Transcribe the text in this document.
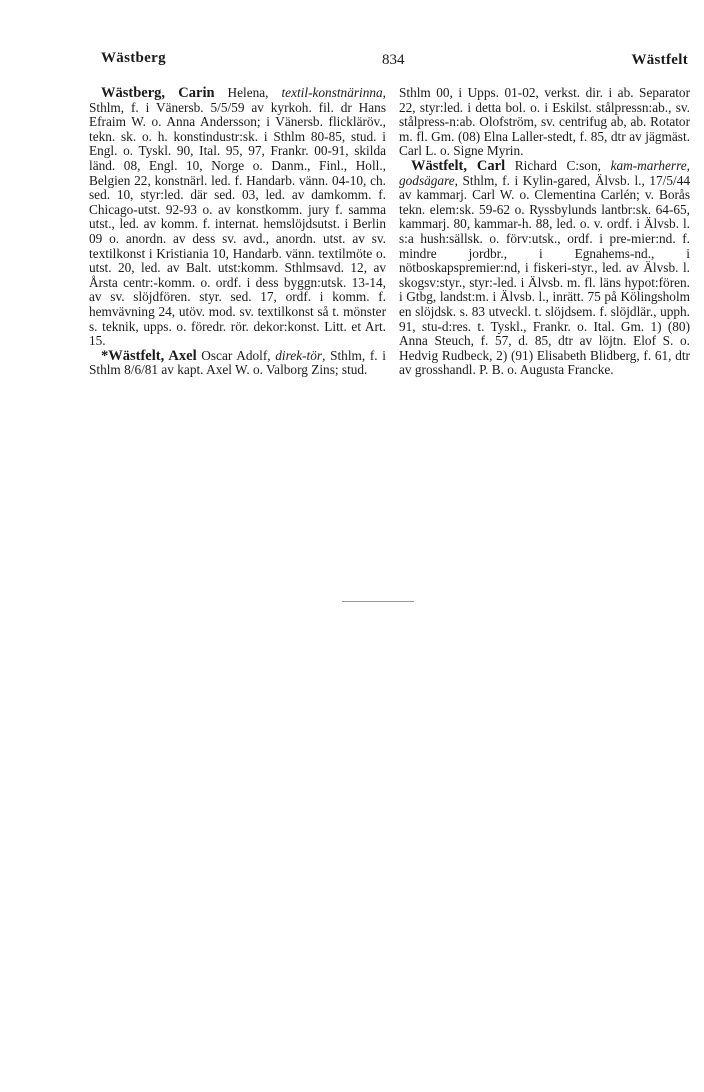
Wästberg	834	Wästfelt

Wästberg, Carin Helena, textil-konstnärinna, Sthlm, f. i Vänersb. 5/5/59 av kyrkoh. fil. dr Hans Efraim W. o. Anna Andersson; i Vänersb. flickläröv., tekn. sk. o. h. konstindustr:sk. i Sthlm 80-85, stud. i Engl. o. Tyskl. 90, Ital. 95, 97, Frankr. 00-91, skilda länd. 08, Engl. 10, Norge o. Danm., Finl., Holl., Belgien 22, konstnärl. led. f. Handarb. vänn. 04-10, ch. sed. 10, styr:led. där sed. 03, led. av damkomm. f. Chicago-utst. 92-93 o. av konstkomm. jury f. samma utst., led. av komm. f. internat. hemslöjdsutst. i Berlin 09 o. anordn. av dess sv. avd., anordn. utst. av sv. textilkonst i Kristiania 10, Handarb. vänn. textilmöte o. utst. 20, led. av Balt. utst:komm. Sthlmsavd. 12, av Årsta centr:-komm. o. ordf. i dess byggn:utsk. 13-14, av sv. slöjdfören. styr. sed. 17, ordf. i komm. f. hemvävning 24, utöv. mod. sv. textilkonst så t. mönster s. teknik, upps. o. föredr. rör. dekor:konst. Litt. et Art. 15.

*Wästfelt, Axel Oscar Adolf, direk-tör, Sthlm, f. i Sthlm 8/6/81 av kapt. Axel W. o. Valborg Zins; stud.

Sthlm 00, i Upps. 01-02, verkst. dir. i ab. Separator 22, styr:led. i detta bol. o. i Eskilst. stålpressn:ab., sv. stålpress-n:ab. Olofström, sv. centrifug ab, ab. Rotator m. fl. Gm. (08) Elna Laller-stedt, f. 85, dtr av jägmäst. Carl L. o. Signe Myrin.

Wästfelt, Carl Richard C:son, kam-marherre, godsägare, Sthlm, f. i Kylin-gared, Älvsb. l., 17/5/44 av kammarj. Carl W. o. Clementina Carlén; v. Borås tekn. elem:sk. 59-62 o. Ryssbylunds lantbr:sk. 64-65, kammarj. 80, kammar-h. 88, led. o. v. ordf. i Älvsb. l. s:a hush:sällsk. o. förv:utsk., ordf. i pre-mier:nd. f. mindre jordbr., i Egnahems-nd., i nötboskapspremier:nd, i fiskeri-styr., led. av Älvsb. l. skogsv:styr., styr:-led. i Älvsb. m. fl. läns hypot:fören. i Gtbg, landst:m. i Älvsb. l., inrätt. 75 på Kölingsholm en slöjdsk. s. 83 utveckl. t. slöjdsem. f. slöjdlär., upph. 91, stu-d:res. t. Tyskl., Frankr. o. Ital. Gm. 1) (80) Anna Steuch, f. 57, d. 85, dtr av löjtn. Elof S. o. Hedvig Rudbeck, 2) (91) Elisabeth Blidberg, f. 61, dtr av grosshandl. P. B. o. Augusta Francke.
